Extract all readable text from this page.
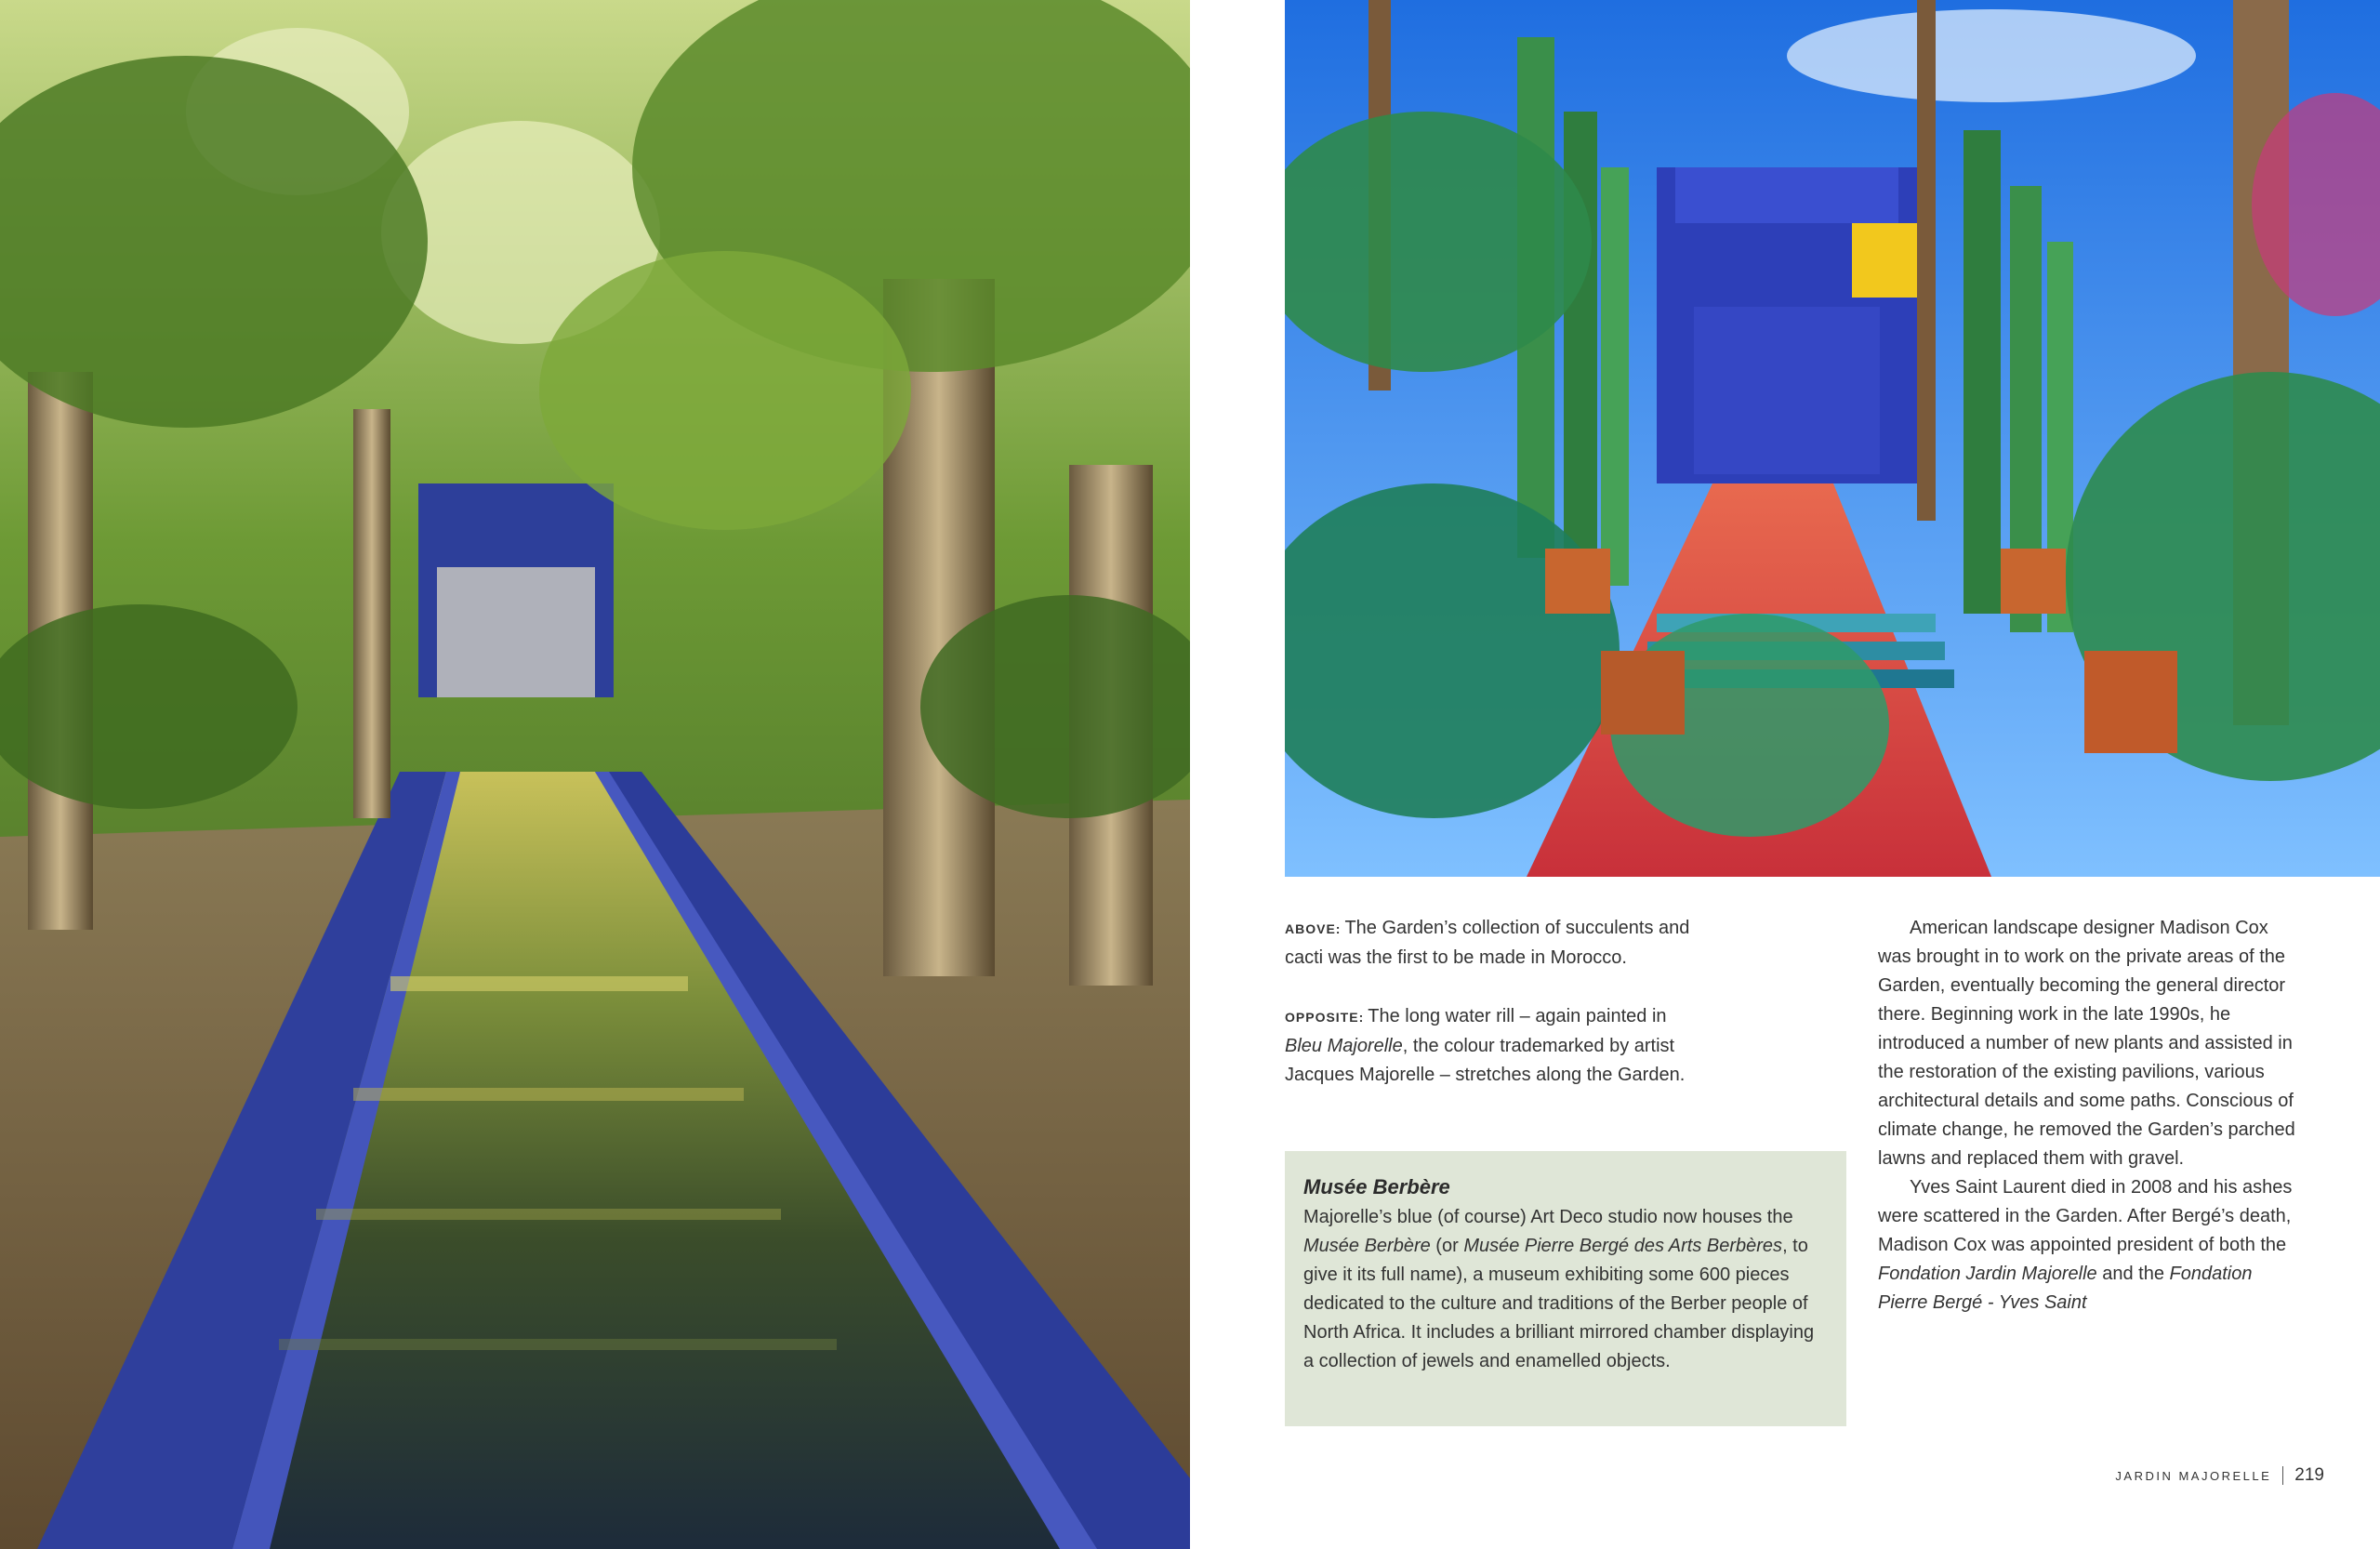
ABOVE: The Garden’s collection of succulents and cacti was the first to be made in Morocco.

OPPOSITE: The long water rill – again painted in Bleu Majorelle, the colour trademarked by artist Jacques Majorelle – stretches along the Garden.

Musée Berbère

Majorelle’s blue (of course) Art Deco studio now houses the Musée Berbère (or Musée Pierre Bergé des Arts Berbères, to give it its full name), a museum exhibiting some 600 pieces dedicated to the culture and traditions of the Berber people of North Africa. It includes a brilliant mirrored chamber displaying a collection of jewels and enamelled objects.

American landscape designer Madison Cox was brought in to work on the private areas of the Garden, eventually becoming the general director there. Beginning work in the late 1990s, he introduced a number of new plants and assisted in the restoration of the existing pavilions, various architectural details and some paths. Conscious of climate change, he removed the Garden’s parched lawns and replaced them with gravel.

Yves Saint Laurent died in 2008 and his ashes were scattered in the Garden. After Bergé’s death, Madison Cox was appointed president of both the Fondation Jardin Majorelle and the Fondation Pierre Bergé - Yves Saint

JARDIN MAJORELLE 219
